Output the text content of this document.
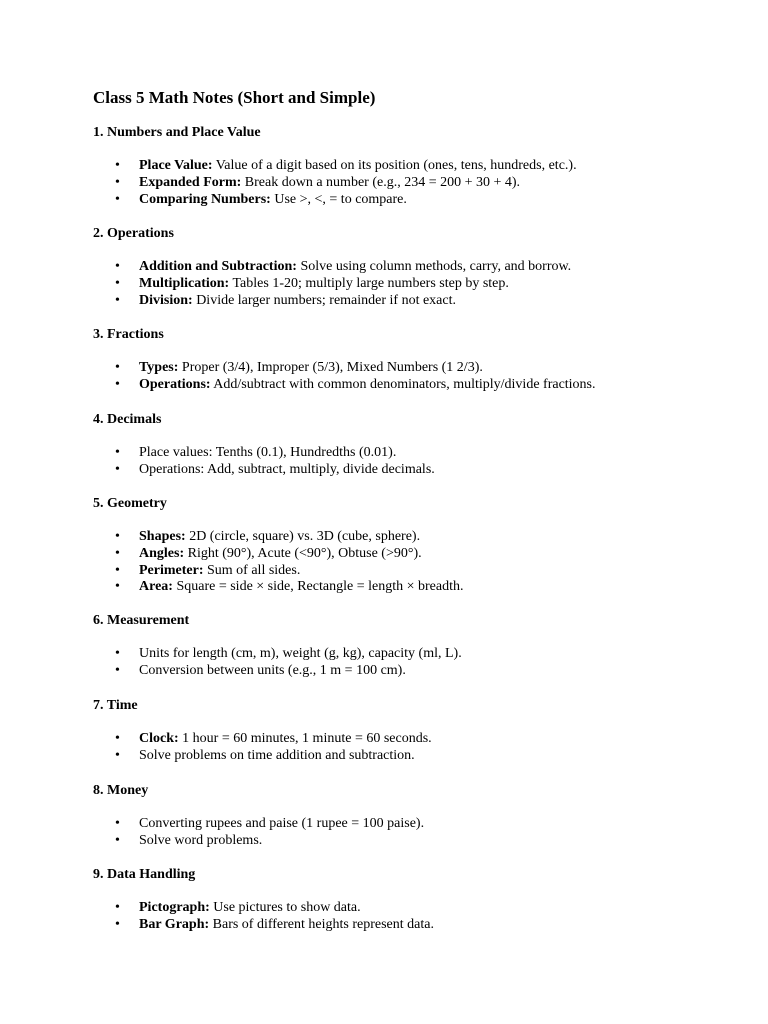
Class 5 Math Notes (Short and Simple)
1. Numbers and Place Value
• Place Value: Value of a digit based on its position (ones, tens, hundreds, etc.).
• Expanded Form: Break down a number (e.g., 234 = 200 + 30 + 4).
• Comparing Numbers: Use >, <, = to compare.
2. Operations
• Addition and Subtraction: Solve using column methods, carry, and borrow.
• Multiplication: Tables 1-20; multiply large numbers step by step.
• Division: Divide larger numbers; remainder if not exact.
3. Fractions
• Types: Proper (3/4), Improper (5/3), Mixed Numbers (1 2/3).
• Operations: Add/subtract with common denominators, multiply/divide fractions.
4. Decimals
• Place values: Tenths (0.1), Hundredths (0.01).
• Operations: Add, subtract, multiply, divide decimals.
5. Geometry
• Shapes: 2D (circle, square) vs. 3D (cube, sphere).
• Angles: Right (90°), Acute (<90°), Obtuse (>90°).
• Perimeter: Sum of all sides.
• Area: Square = side × side, Rectangle = length × breadth.
6. Measurement
• Units for length (cm, m), weight (g, kg), capacity (ml, L).
• Conversion between units (e.g., 1 m = 100 cm).
7. Time
• Clock: 1 hour = 60 minutes, 1 minute = 60 seconds.
• Solve problems on time addition and subtraction.
8. Money
• Converting rupees and paise (1 rupee = 100 paise).
• Solve word problems.
9. Data Handling
• Pictograph: Use pictures to show data.
• Bar Graph: Bars of different heights represent data.
